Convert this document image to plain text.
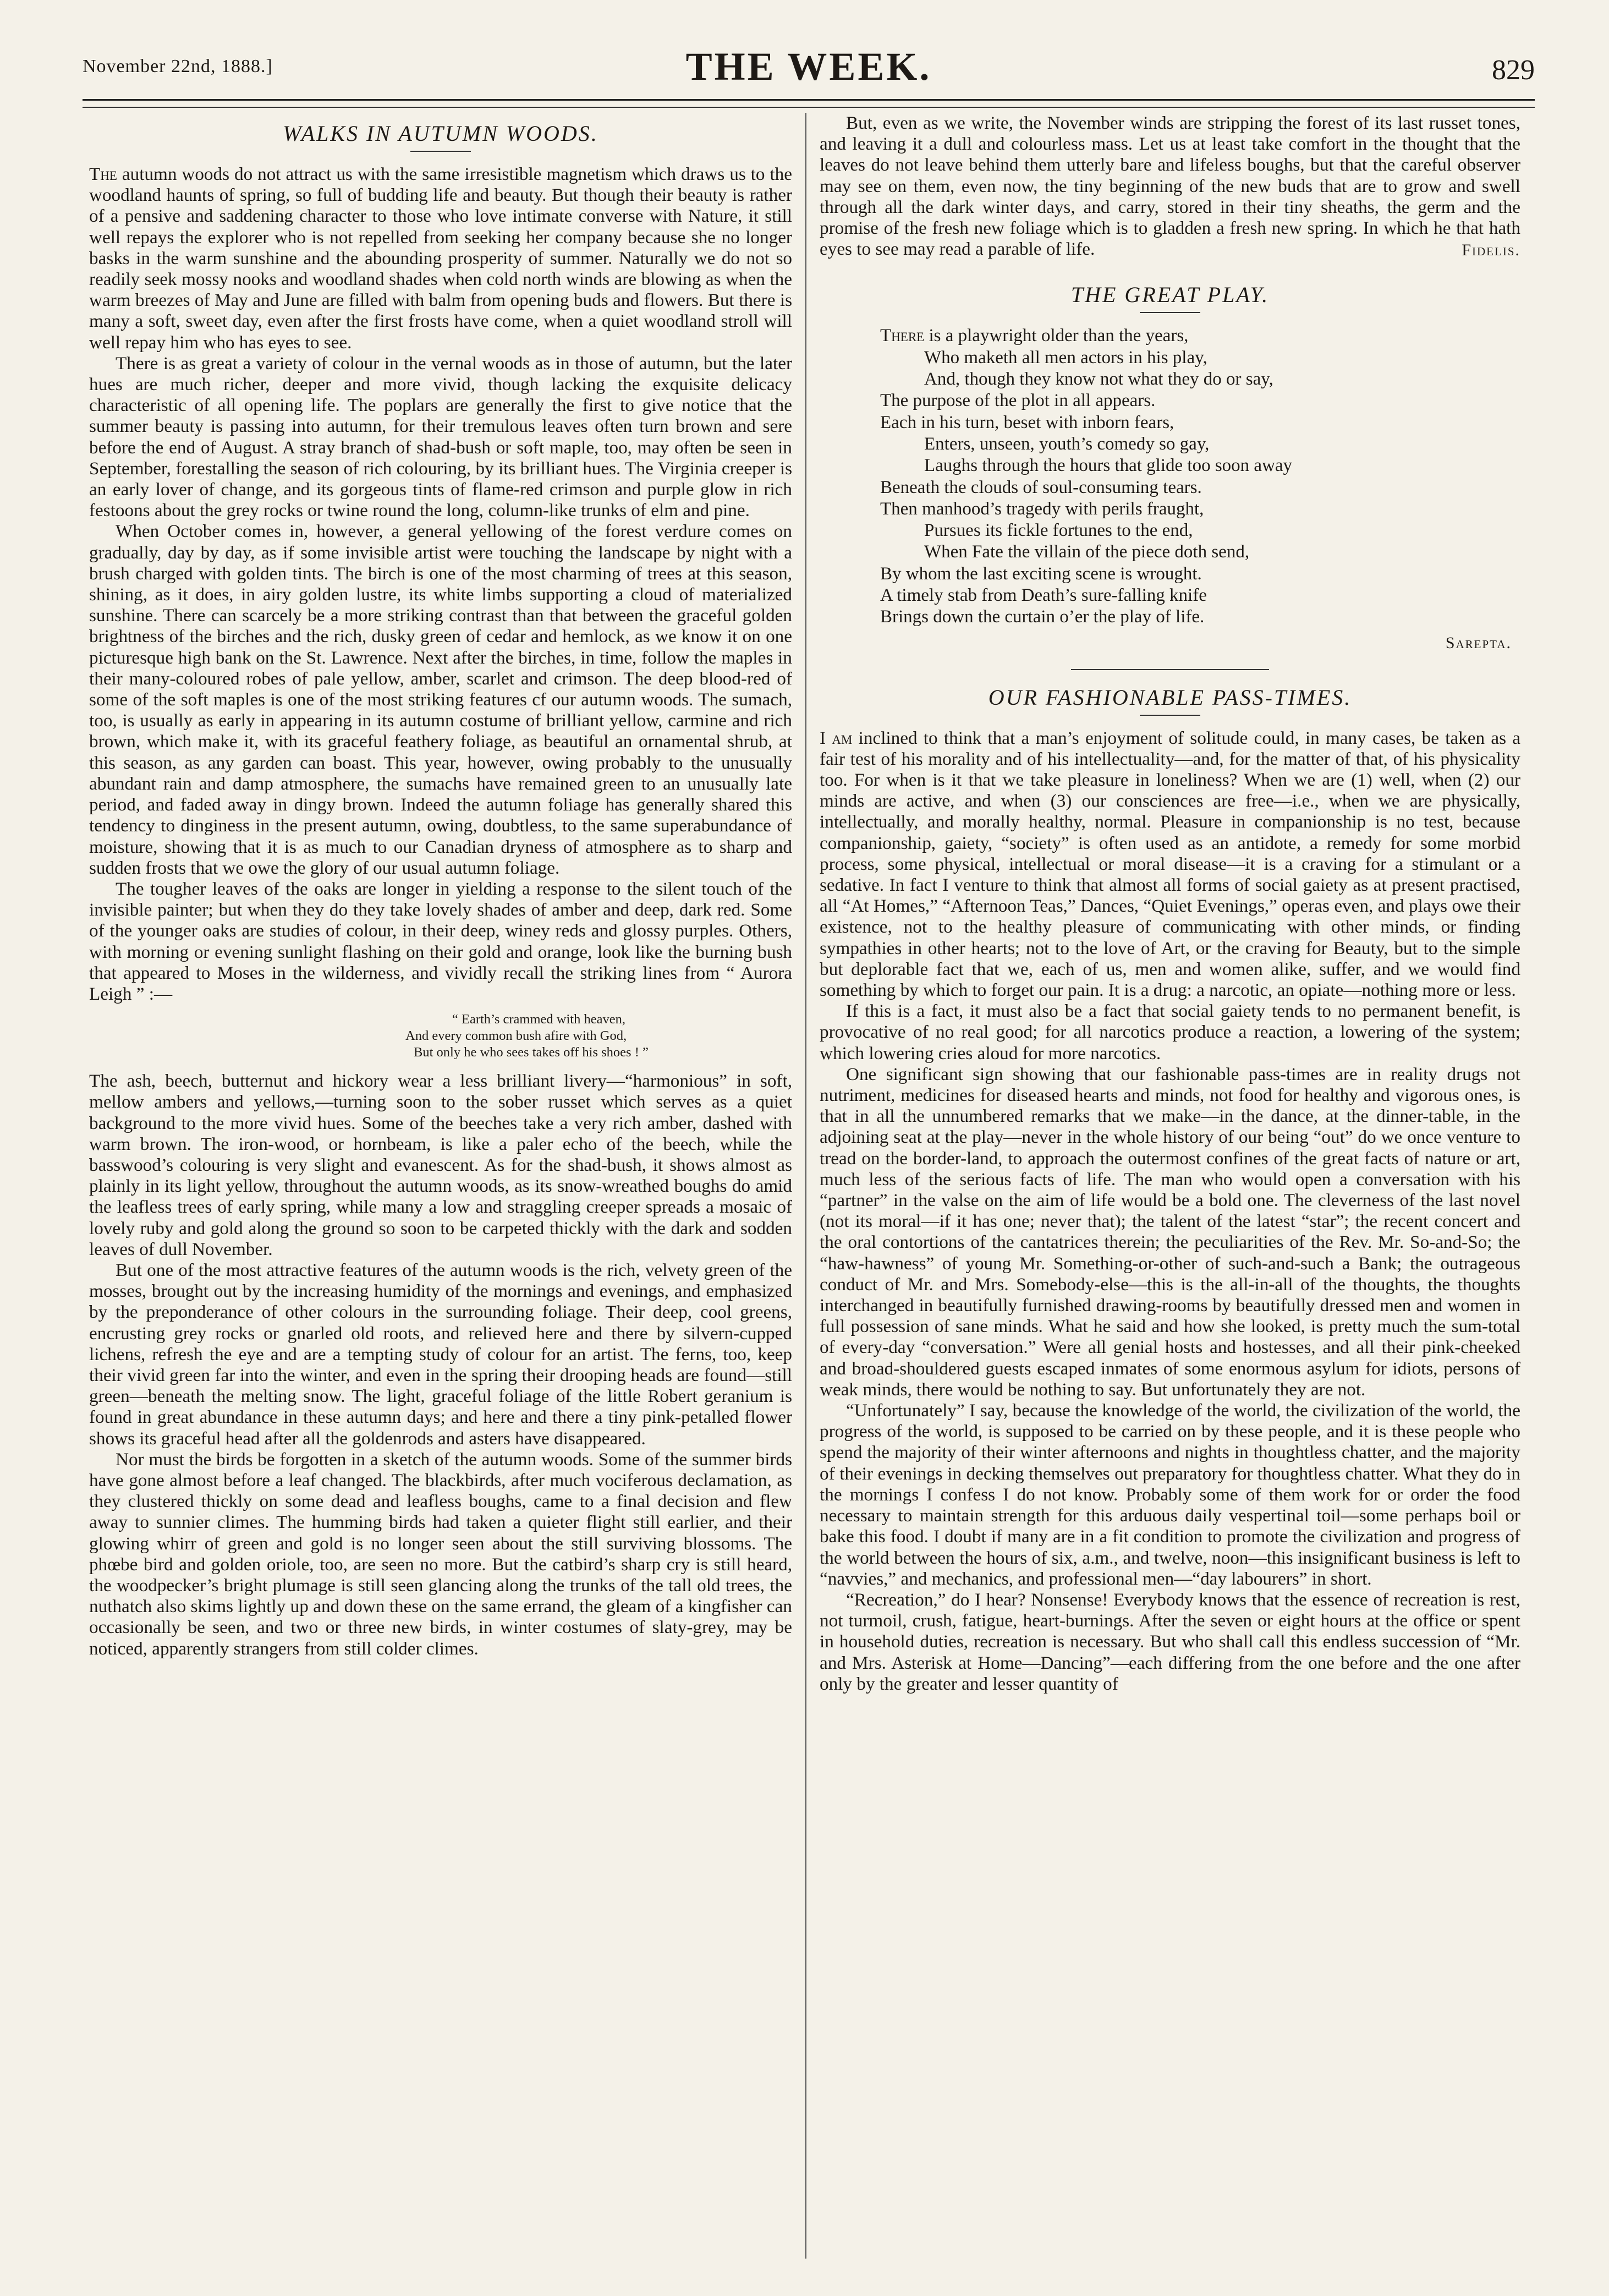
November 22nd, 1888.]	THE WEEK.	829
WALKS IN AUTUMN WOODS.

The autumn woods do not attract us with the same irresistible magnetism which draws us to the woodland haunts of spring, so full of budding life and beauty. But though their beauty is rather of a pensive and saddening character to those who love intimate converse with Nature, it still well repays the explorer who is not repelled from seeking her company because she no longer basks in the warm sunshine and the abounding prosperity of summer. Naturally we do not so readily seek mossy nooks and woodland shades when cold north winds are blowing as when the warm breezes of May and June are filled with balm from opening buds and flowers. But there is many a soft, sweet day, even after the first frosts have come, when a quiet woodland stroll will well repay him who has eyes to see.

There is as great a variety of colour in the vernal woods as in those of autumn, but the later hues are much richer, deeper and more vivid, though lacking the exquisite delicacy characteristic of all opening life. The poplars are generally the first to give notice that the summer beauty is passing into autumn, for their tremulous leaves often turn brown and sere before the end of August. A stray branch of shad-bush or soft maple, too, may often be seen in September, forestalling the season of rich colouring, by its brilliant hues. The Virginia creeper is an early lover of change, and its gorgeous tints of flame-red crimson and purple glow in rich festoons about the grey rocks or twine round the long, column-like trunks of elm and pine.

When October comes in, however, a general yellowing of the forest verdure comes on gradually, day by day, as if some invisible artist were touching the landscape by night with a brush charged with golden tints. The birch is one of the most charming of trees at this season, shining, as it does, in airy golden lustre, its white limbs supporting a cloud of materialized sunshine. There can scarcely be a more striking contrast than that between the graceful golden brightness of the birches and the rich, dusky green of cedar and hemlock, as we know it on one picturesque high bank on the St. Lawrence. Next after the birches, in time, follow the maples in their many-coloured robes of pale yellow, amber, scarlet and crimson. The deep blood-red of some of the soft maples is one of the most striking features cf our autumn woods. The sumach, too, is usually as early in appearing in its autumn costume of brilliant yellow, carmine and rich brown, which make it, with its graceful feathery foliage, as beautiful an ornamental shrub, at this season, as any garden can boast. This year, however, owing probably to the unusually abundant rain and damp atmosphere, the sumachs have remained green to an unusually late period, and faded away in dingy brown. Indeed the autumn foliage has generally shared this tendency to dinginess in the present autumn, owing, doubtless, to the same superabundance of moisture, showing that it is as much to our Canadian dryness of atmosphere as to sharp and sudden frosts that we owe the glory of our usual autumn foliage.

The tougher leaves of the oaks are longer in yielding a response to the silent touch of the invisible painter; but when they do they take lovely shades of amber and deep, dark red. Some of the younger oaks are studies of colour, in their deep, winey reds and glossy purples. Others, with morning or evening sunlight flashing on their gold and orange, look like the burning bush that appeared to Moses in the wilderness, and vividly recall the striking lines from “ Aurora Leigh ” :—

“ Earth’s crammed with heaven,
And every common bush afire with God,
But only he who sees takes off his shoes ! ”

The ash, beech, butternut and hickory wear a less brilliant livery—“harmonious” in soft, mellow ambers and yellows,—turning soon to the sober russet which serves as a quiet background to the more vivid hues. Some of the beeches take a very rich amber, dashed with warm brown. The iron-wood, or hornbeam, is like a paler echo of the beech, while the basswood’s colouring is very slight and evanescent. As for the shad-bush, it shows almost as plainly in its light yellow, throughout the autumn woods, as its snow-wreathed boughs do amid the leafless trees of early spring, while many a low and straggling creeper spreads a mosaic of lovely ruby and gold along the ground so soon to be carpeted thickly with the dark and sodden leaves of dull November.

But one of the most attractive features of the autumn woods is the rich, velvety green of the mosses, brought out by the increasing humidity of the mornings and evenings, and emphasized by the preponderance of other colours in the surrounding foliage. Their deep, cool greens, encrusting grey rocks or gnarled old roots, and relieved here and there by silvern-cupped lichens, refresh the eye and are a tempting study of colour for an artist. The ferns, too, keep their vivid green far into the winter, and even in the spring their drooping heads are found—still green—beneath the melting snow. The light, graceful foliage of the little Robert geranium is found in great abundance in these autumn days; and here and there a tiny pink-petalled flower shows its graceful head after all the goldenrods and asters have disappeared.

Nor must the birds be forgotten in a sketch of the autumn woods. Some of the summer birds have gone almost before a leaf changed. The blackbirds, after much vociferous declamation, as they clustered thickly on some dead and leafless boughs, came to a final decision and flew away to sunnier climes. The humming birds had taken a quieter flight still earlier, and their glowing whirr of green and gold is no longer seen about the still surviving blossoms. The phœbe bird and golden oriole, too, are seen no more. But the catbird’s sharp cry is still heard, the woodpecker’s bright plumage is still seen glancing along the trunks of the tall old trees, the nuthatch also skims lightly up and down these on the same errand, the gleam of a kingfisher can occasionally be seen, and two or three new birds, in winter costumes of slaty-grey, may be noticed, apparently strangers from still colder climes.

But, even as we write, the November winds are stripping the forest of its last russet tones, and leaving it a dull and colourless mass. Let us at least take comfort in the thought that the leaves do not leave behind them utterly bare and lifeless boughs, but that the careful observer may see on them, even now, the tiny beginning of the new buds that are to grow and swell through all the dark winter days, and carry, stored in their tiny sheaths, the germ and the promise of the fresh new foliage which is to gladden a fresh new spring. In which he that hath eyes to see may read a parable of life.	Fidelis.
THE GREAT PLAY.
There is a playwright older than the years,
Who maketh all men actors in his play,
And, though they know not what they do or say,
The purpose of the plot in all appears.
Each in his turn, beset with inborn fears,
Enters, unseen, youth’s comedy so gay,
Laughs through the hours that glide too soon away
Beneath the clouds of soul-consuming tears.
Then manhood’s tragedy with perils fraught,
Pursues its fickle fortunes to the end,
When Fate the villain of the piece doth send,
By whom the last exciting scene is wrought.
A timely stab from Death’s sure-falling knife
Brings down the curtain o’er the play of life.
Sarepta.
OUR FASHIONABLE PASS-TIMES.

I am inclined to think that a man’s enjoyment of solitude could, in many cases, be taken as a fair test of his morality and of his intellectuality—and, for the matter of that, of his physicality too. For when is it that we take pleasure in loneliness? When we are (1) well, when (2) our minds are active, and when (3) our consciences are free—i.e., when we are physically, intellectually, and morally healthy, normal. Pleasure in companionship is no test, because companionship, gaiety, “society” is often used as an antidote, a remedy for some morbid process, some physical, intellectual or moral disease—it is a craving for a stimulant or a sedative. In fact I venture to think that almost all forms of social gaiety as at present practised, all “At Homes,” “Afternoon Teas,” Dances, “Quiet Evenings,” operas even, and plays owe their existence, not to the healthy pleasure of communicating with other minds, or finding sympathies in other hearts; not to the love of Art, or the craving for Beauty, but to the simple but deplorable fact that we, each of us, men and women alike, suffer, and we would find something by which to forget our pain. It is a drug: a narcotic, an opiate—nothing more or less.

If this is a fact, it must also be a fact that social gaiety tends to no permanent benefit, is provocative of no real good; for all narcotics produce a reaction, a lowering of the system; which lowering cries aloud for more narcotics.

One significant sign showing that our fashionable pass-times are in reality drugs not nutriment, medicines for diseased hearts and minds, not food for healthy and vigorous ones, is that in all the unnumbered remarks that we make—in the dance, at the dinner-table, in the adjoining seat at the play—never in the whole history of our being “out” do we once venture to tread on the border-land, to approach the outermost confines of the great facts of nature or art, much less of the serious facts of life. The man who would open a conversation with his “partner” in the valse on the aim of life would be a bold one. The cleverness of the last novel (not its moral—if it has one; never that); the talent of the latest “star”; the recent concert and the oral contortions of the cantatrices therein; the peculiarities of the Rev. Mr. So-and-So; the “haw-hawness” of young Mr. Something-or-other of such-and-such a Bank; the outrageous conduct of Mr. and Mrs. Somebody-else—this is the all-in-all of the thoughts, the thoughts interchanged in beautifully furnished drawing-rooms by beautifully dressed men and women in full possession of sane minds. What he said and how she looked, is pretty much the sum-total of every-day “conversation.” Were all genial hosts and hostesses, and all their pink-cheeked and broad-shouldered guests escaped inmates of some enormous asylum for idiots, persons of weak minds, there would be nothing to say. But unfortunately they are not.

“Unfortunately” I say, because the knowledge of the world, the civilization of the world, the progress of the world, is supposed to be carried on by these people, and it is these people who spend the majority of their winter afternoons and nights in thoughtless chatter, and the majority of their evenings in decking themselves out preparatory for thoughtless chatter. What they do in the mornings I confess I do not know. Probably some of them work for or order the food necessary to maintain strength for this arduous daily vespertinal toil—some perhaps boil or bake this food. I doubt if many are in a fit condition to promote the civilization and progress of the world between the hours of six, a.m., and twelve, noon—this insignificant business is left to “navvies,” and mechanics, and professional men—“day labourers” in short.

“Recreation,” do I hear? Nonsense! Everybody knows that the essence of recreation is rest, not turmoil, crush, fatigue, heart-burnings. After the seven or eight hours at the office or spent in household duties, recreation is necessary. But who shall call this endless succession of “Mr. and Mrs. Asterisk at Home—Dancing”—each differing from the one before and the one after only by the greater and lesser quantity of
